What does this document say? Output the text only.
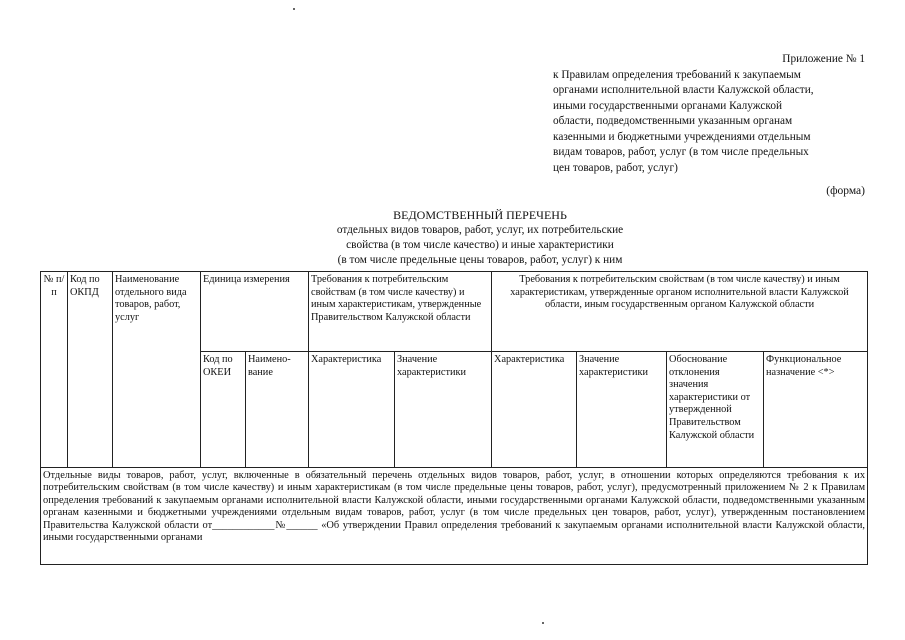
Приложение № 1
к Правилам определения требований к закупаемым
органами исполнительной власти Калужской области,
иными государственными органами Калужской
области, подведомственными указанным органам
казенными и бюджетными учреждениями отдельным
видам товаров, работ, услуг (в том числе предельных
цен товаров, работ, услуг)
(форма)
ВЕДОМСТВЕННЫЙ ПЕРЕЧЕНЬ
отдельных видов товаров, работ, услуг, их потребительские
свойства (в том числе качество) и иные характеристики
(в том числе предельные цены товаров, работ, услуг) к ним
№ п/п	Код по ОКПД	Наименование отдельного вида товаров, работ, услуг	Единица измерения		Требования к потребительским свойствам (в том числе качеству) и иным характеристикам, утвержденные Правительством Калужской области		Требования к потребительским свойствам (в том числе качеству) и иным характеристикам, утвержденные органом исполнительной власти Калужской области, иным государственным органом Калужской области			
			Код по ОКЕИ	Наимено-вание	Характеристика	Значение характеристики	Характеристика	Значение характеристики	Обоснование отклонения значения характеристики от утвержденной Правительством Калужской области	Функциональное назначение <*>
Отдельные виды товаров, работ, услуг, включенные в обязательный перечень отдельных видов товаров, работ, услуг, в отношении которых определяются требования к их потребительским свойствам (в том числе качеству) и иным характеристикам (в том числе предельные цены товаров, работ, услуг), предусмотренный приложением № 2 к Правилам определения требований к закупаемым органами исполнительной власти Калужской области, иными государственными органами Калужской области, подведомственными указанным органам казенными и бюджетными учреждениями отдельным видам товаров, работ, услуг (в том числе предельных цен товаров, работ, услуг), утвержденным постановлением Правительства Калужской области от____________№______ «Об утверждении Правил определения требований к закупаемым органами исполнительной власти Калужской области, иными государственными органами										
